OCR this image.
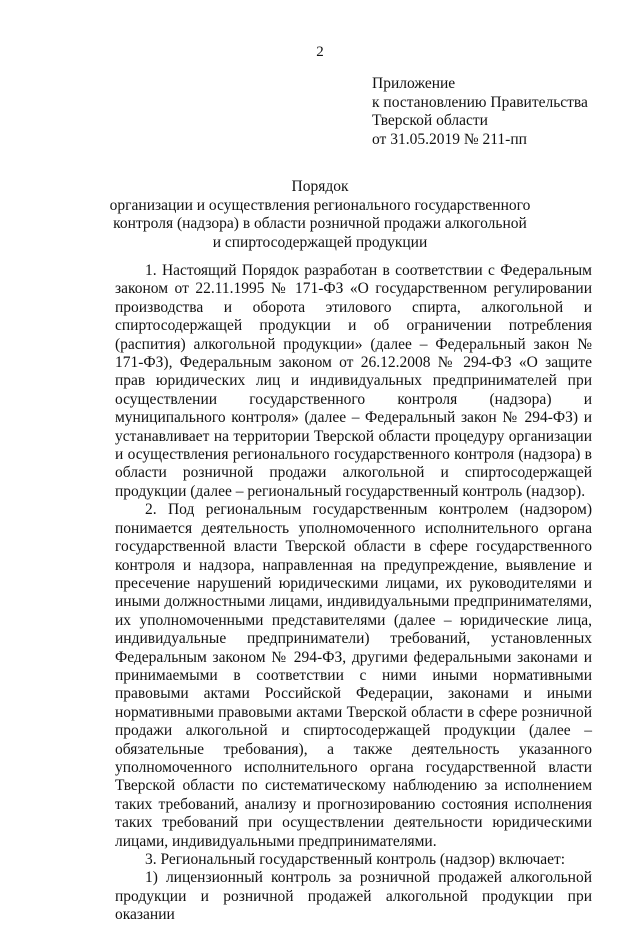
2
Приложение
к постановлению Правительства
Тверской области
от 31.05.2019 № 211-пп
Порядок
организации и осуществления регионального государственного
контроля (надзора) в области розничной продажи алкогольной
и спиртосодержащей продукции

1. Настоящий Порядок разработан в соответствии с Федеральным законом от 22.11.1995 № 171-ФЗ «О государственном регулировании производства и оборота этилового спирта, алкогольной и спиртосодержащей продукции и об ограничении потребления (распития) алкогольной продукции» (далее – Федеральный закон № 171-ФЗ), Федеральным законом от 26.12.2008 № 294-ФЗ «О защите прав юридических лиц и индивидуальных предпринимателей при осуществлении государственного контроля (надзора) и муниципального контроля» (далее – Федеральный закон № 294-ФЗ) и устанавливает на территории Тверской области процедуру организации и осуществления регионального государственного контроля (надзора) в области розничной продажи алкогольной и спиртосодержащей продукции (далее – региональный государственный контроль (надзор).

2. Под региональным государственным контролем (надзором) понимается деятельность уполномоченного исполнительного органа государственной власти Тверской области в сфере государственного контроля и надзора, направленная на предупреждение, выявление и пресечение нарушений юридическими лицами, их руководителями и иными должностными лицами, индивидуальными предпринимателями, их уполномоченными представителями (далее – юридические лица, индивидуальные предприниматели) требований, установленных Федеральным законом № 294-ФЗ, другими федеральными законами и принимаемыми в соответствии с ними иными нормативными правовыми актами Российской Федерации, законами и иными нормативными правовыми актами Тверской области в сфере розничной продажи алкогольной и спиртосодержащей продукции (далее – обязательные требования), а также деятельность указанного уполномоченного исполнительного органа государственной власти Тверской области по систематическому наблюдению за исполнением таких требований, анализу и прогнозированию состояния исполнения таких требований при осуществлении деятельности юридическими лицами, индивидуальными предпринимателями.

3. Региональный государственный контроль (надзор) включает:

1) лицензионный контроль за розничной продажей алкогольной продукции и розничной продажей алкогольной продукции при оказании
